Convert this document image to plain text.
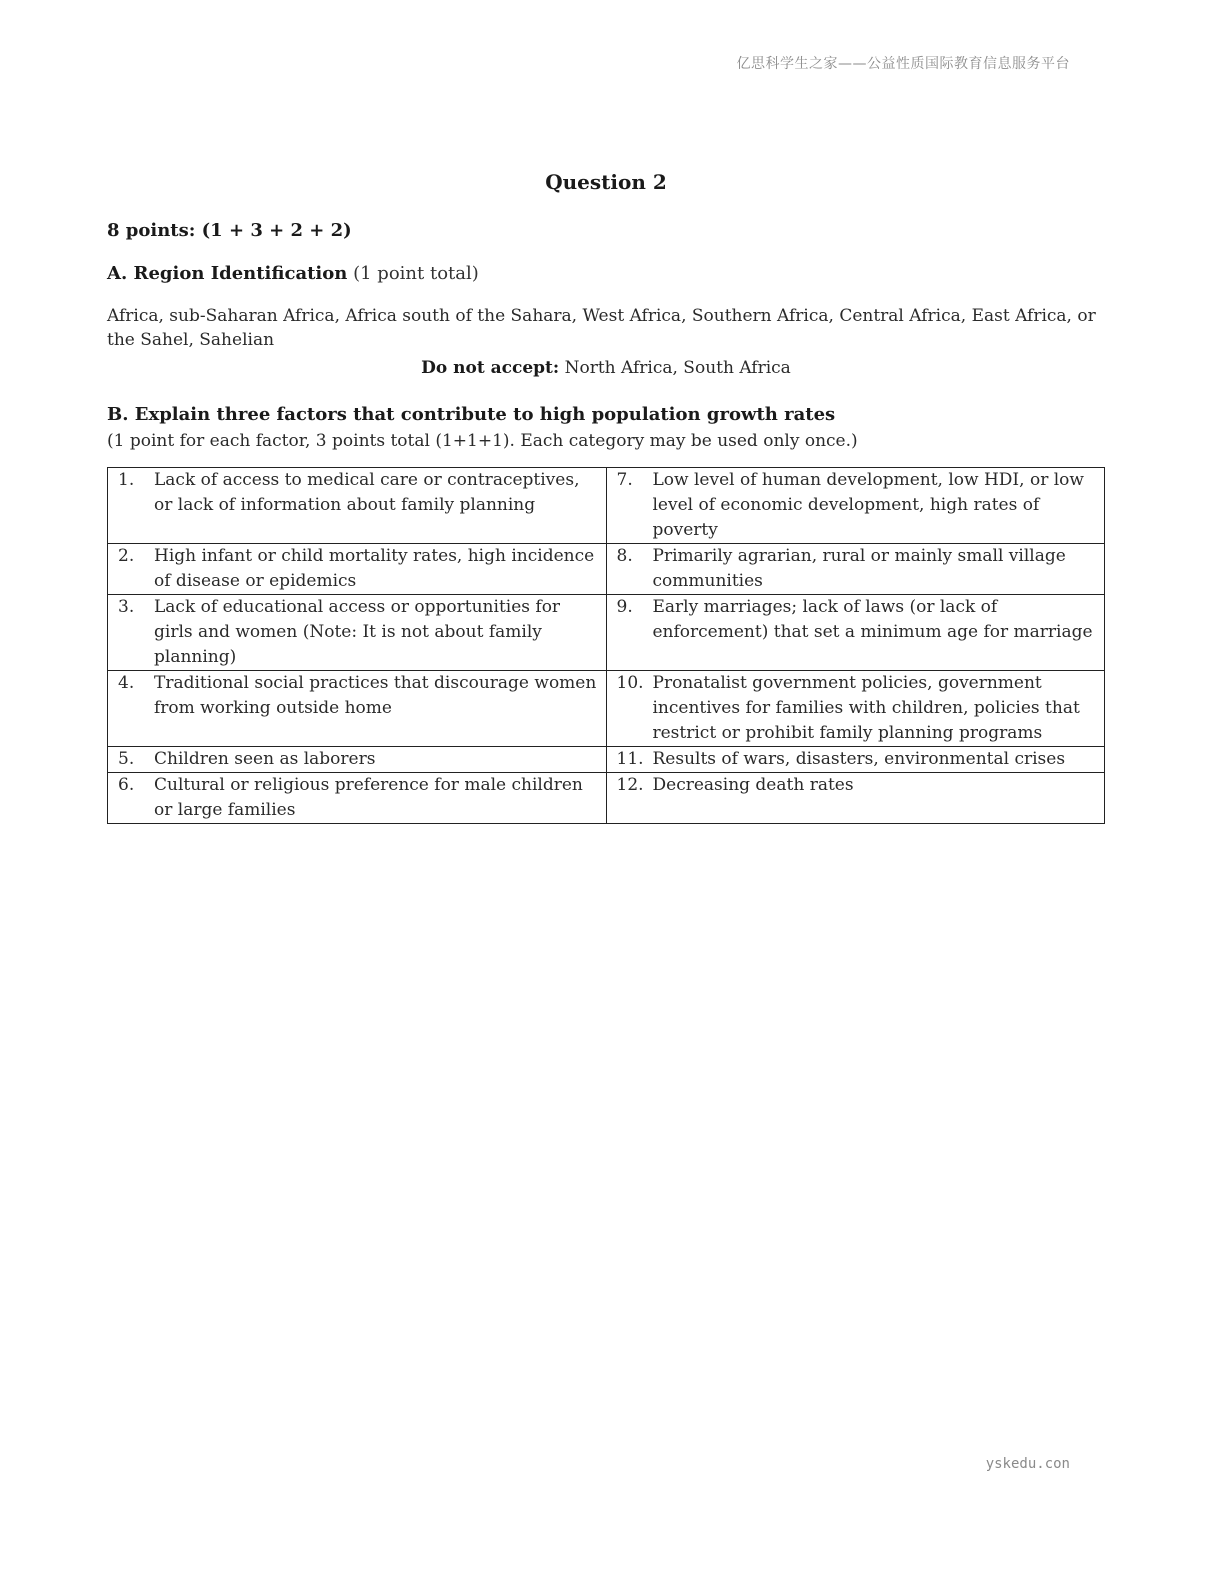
亿思科学生之家——公益性质国际教育信息服务平台
Question 2
8 points: (1 + 3 + 2 + 2)
A. Region Identification (1 point total)

Africa, sub-Saharan Africa, Africa south of the Sahara, West Africa, Southern Africa, Central Africa, East Africa, or the Sahel, Sahelian

Do not accept: North Africa, South Africa
B. Explain three factors that contribute to high population growth rates
(1 point for each factor, 3 points total (1+1+1). Each category may be used only once.)
1. Lack of access to medical care or contraceptives, or lack of information about family planning	7. Low level of human development, low HDI, or low level of economic development, high rates of poverty

2. High infant or child mortality rates, high incidence of disease or epidemics	8. Primarily agrarian, rural or mainly small village communities

3. Lack of educational access or opportunities for girls and women (Note: It is not about family planning)	9. Early marriages; lack of laws (or lack of enforcement) that set a minimum age for marriage

4. Traditional social practices that discourage women from working outside home	10. Pronatalist government policies, government incentives for families with children, policies that restrict or prohibit family planning programs

5. Children seen as laborers	11. Results of wars, disasters, environmental crises

6. Cultural or religious preference for male children or large families	12. Decreasing death rates
yskedu.con
